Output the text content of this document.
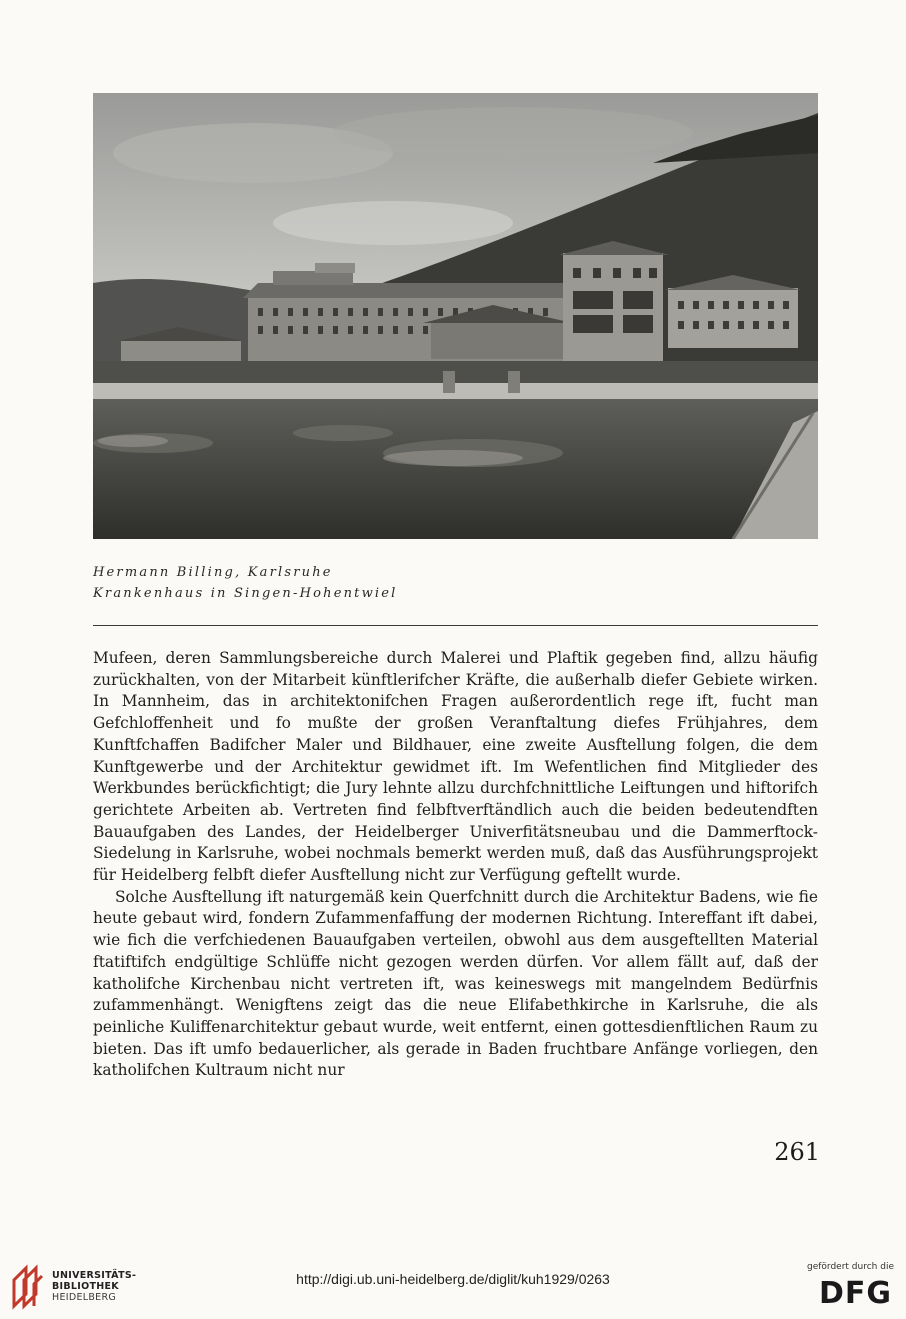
Hermann Billing, Karlsruhe
Krankenhaus in Singen-Hohentwiel

Mufeen, deren Sammlungsbereiche durch Malerei und Plaftik gegeben find, allzu häufig zurückhalten, von der Mitarbeit künftlerifcher Kräfte, die außerhalb diefer Gebiete wirken. In Mannheim, das in architektonifchen Fragen außerordentlich rege ift, fucht man Gefchloffenheit und fo mußte der großen Veranftaltung diefes Frühjahres, dem Kunftfchaffen Badifcher Maler und Bildhauer, eine zweite Ausftellung folgen, die dem Kunftgewerbe und der Architektur gewidmet ift. Im Wefentlichen find Mitglieder des Werkbundes berückfichtigt; die Jury lehnte allzu durchfchnittliche Leiftungen und hiftorifch gerichtete Arbeiten ab. Vertreten find felbftverftändlich auch die beiden bedeutendften Bauaufgaben des Landes, der Heidelberger Univerfitätsneubau und die Dammerftock-Siedelung in Karlsruhe, wobei nochmals bemerkt werden muß, daß das Ausführungsprojekt für Heidelberg felbft diefer Ausftellung nicht zur Verfügung geftellt wurde.

Solche Ausftellung ift naturgemäß kein Querfchnitt durch die Architektur Badens, wie fie heute gebaut wird, fondern Zufammenfaffung der modernen Richtung. Intereffant ift dabei, wie fich die verfchiedenen Bauaufgaben verteilen, obwohl aus dem ausgeftellten Material ftatiftifch endgültige Schlüffe nicht gezogen werden dürfen. Vor allem fällt auf, daß der katholifche Kirchenbau nicht vertreten ift, was keineswegs mit mangelndem Bedürfnis zufammenhängt. Wenigftens zeigt das die neue Elifabethkirche in Karlsruhe, die als peinliche Kuliffenarchitektur gebaut wurde, weit entfernt, einen gottesdienftlichen Raum zu bieten. Das ift umfo bedauerlicher, als gerade in Baden fruchtbare Anfänge vorliegen, den katholifchen Kultraum nicht nur

261
UNIVERSITÄTS-
BIBLIOTHEK
HEIDELBERG
http://digi.ub.uni-heidelberg.de/diglit/kuh1929/0263
gefördert durch die
DFG
